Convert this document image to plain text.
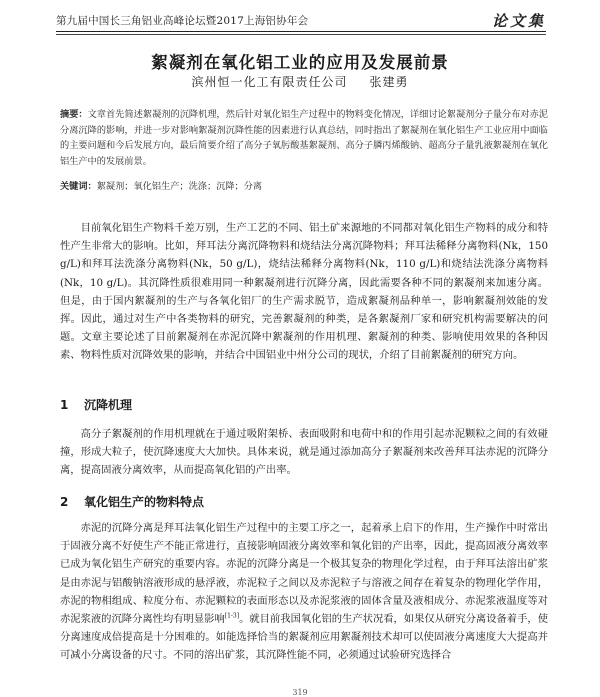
第九届中国长三角铝业高峰论坛暨2017上海铝协年会	论文集
絮凝剂在氧化铝工业的应用及发展前景
滨州恒一化工有限责任公司 张建勇
摘要：文章首先简述絮凝剂的沉降机理，然后针对氧化铝生产过程中的物料变化情况，详细讨论絮凝剂分子量分布对赤泥分离沉降的影响，并进一步对影响絮凝剂沉降性能的因素进行认真总结，同时指出了絮凝剂在氧化铝生产工业应用中面临的主要问题和今后发展方向，最后简要介绍了高分子氧肟酸基絮凝剂、高分子膦丙烯酸钠、超高分子量乳液絮凝剂在氧化铝生产中的发展前景。
关键词：絮凝剂；氧化铝生产；洗涤；沉降；分离
目前氧化铝生产物料千差万别，生产工艺的不同、铝土矿来源地的不同都对氧化铝生产物料的成分和特性产生非常大的影响。比如，拜耳法分离沉降物料和烧结法分离沉降物料；拜耳法稀释分离物料(Nk，150 g/L)和拜耳法洗涤分离物料(Nk，50 g/L)，烧结法稀释分离物料(Nk，110 g/L)和烧结法洗涤分离物料(Nk，10 g/L)。其沉降性质很难用同一种絮凝剂进行沉降分离，因此需要各种不同的絮凝剂来加速分离。但是，由于国内絮凝剂的生产与各氧化铝厂的生产需求脱节，造成絮凝剂品种单一，影响絮凝剂效能的发挥。因此，通过对生产中各类物料的研究，完善絮凝剂的种类，是各絮凝剂厂家和研究机构需要解决的问题。文章主要论述了目前絮凝剂在赤泥沉降中絮凝剂的作用机理、絮凝剂的种类、影响使用效果的各种因素、物料性质对沉降效果的影响，并结合中国铝业中州分公司的现状，介绍了目前絮凝剂的研究方向。
1 沉降机理
高分子絮凝剂的作用机理就在于通过吸附架桥、表面吸附和电荷中和的作用引起赤泥颗粒之间的有效碰撞，形成大粒子，使沉降速度大大加快。具体来说，就是通过添加高分子絮凝剂来改善拜耳法赤泥的沉降分离，提高固液分离效率，从而提高氧化铝的产出率。
2 氧化铝生产的物料特点
赤泥的沉降分离是拜耳法氧化铝生产过程中的主要工序之一，起着承上启下的作用，生产操作中时常出于固液分离不好使生产不能正常进行，直接影响固液分离效率和氧化铝的产出率，因此，提高固液分离效率已成为氧化铝生产研究的重要内容。赤泥的沉降分离是一个极其复杂的物理化学过程，由于拜耳法溶出矿浆是由赤泥与铝酸钠溶液形成的悬浮液，赤泥粒子之间以及赤泥粒子与溶液之间存在着复杂的物理化学作用，赤泥的物相组成、粒度分布、赤泥颗粒的表面形态以及赤泥浆液的固体含量及液相成分、赤泥浆液温度等对赤泥浆液的沉降分离性均有明显影响[1-3]。就目前我国氧化铝的生产状况看，如果仅从研究分离设备着手，使分离速度成倍提高是十分困难的。如能选择恰当的絮凝剂应用絮凝剂技术却可以使固液分离速度大大提高并可减小分离设备的尺寸。不同的溶出矿浆，其沉降性能不同，必须通过试验研究选择合
319
